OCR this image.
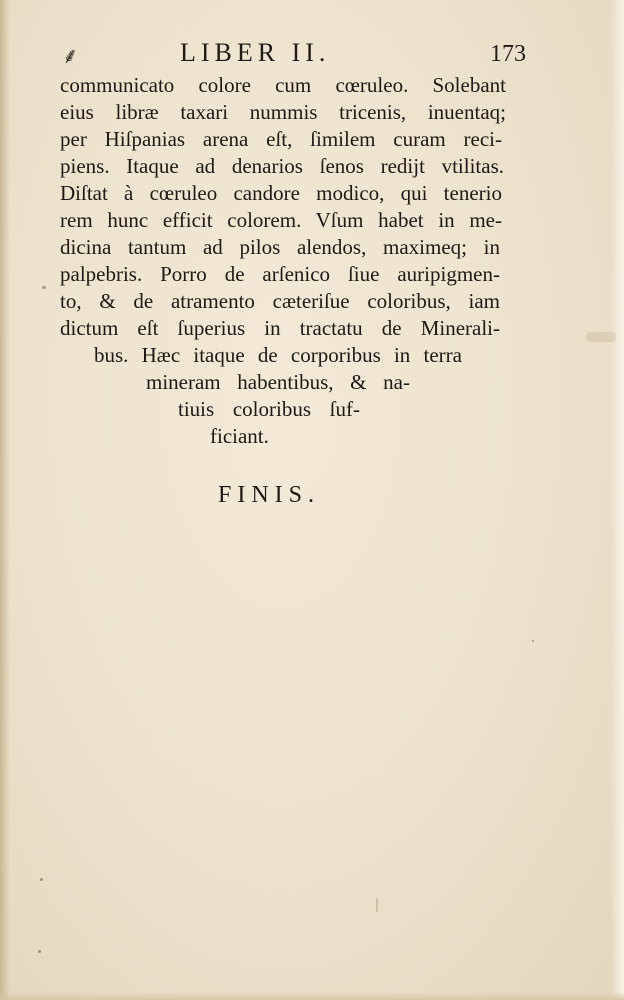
⸙	LIBER II.	173
communicato colore cum cœruleo. Solebant
eius libræ taxari nummis tricenis, inuentaq;
per Hiſpanias arena eſt, ſimilem curam reci-
piens. Itaque ad denarios ſenos redijt vtilitas.
Diſtat à cœruleo candore modico, qui tenerio
rem hunc efficit colorem. Vſum habet in me-
dicina tantum ad pilos alendos, maximeq; in
palpebris. Porro de arſenico ſiue auripigmen-
to, & de atramento cæteriſue coloribus, iam
dictum eſt ſuperius in tractatu de Minerali-
bus. Hæc itaque de corporibus in terra
mineram habentibus, & na-
tiuis coloribus ſuf-
ficiant.
FINIS.
